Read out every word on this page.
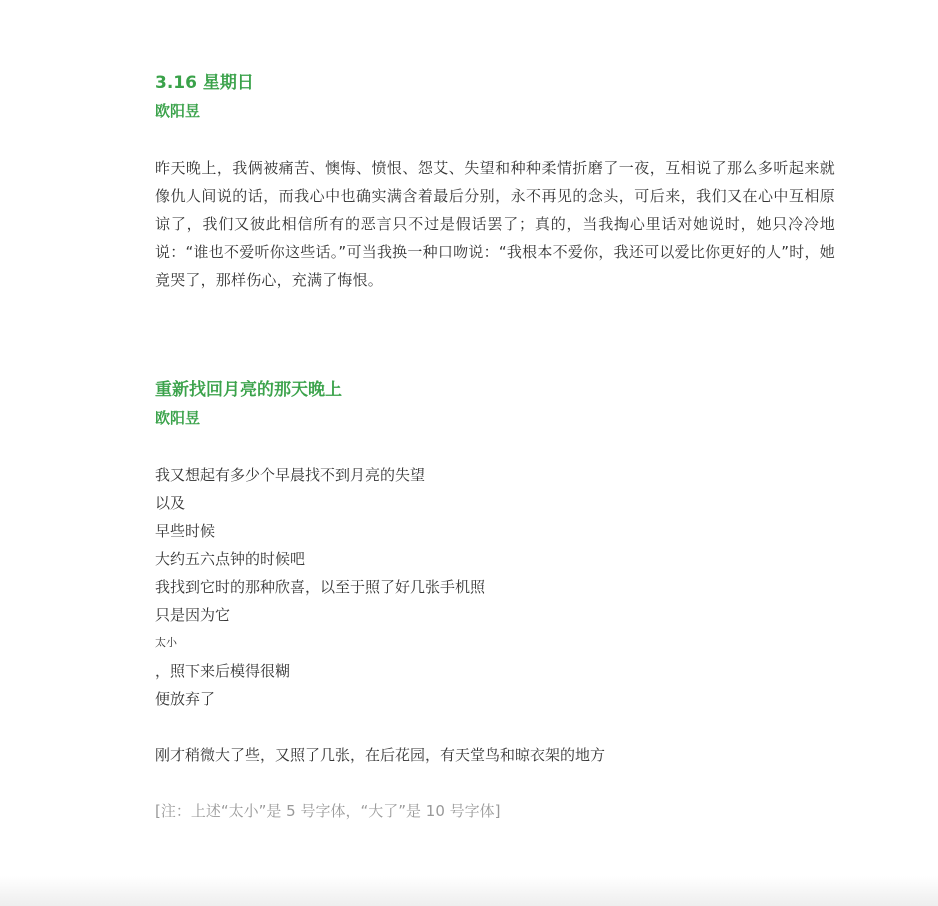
3.16 星期日
欧阳昱

昨天晚上，我俩被痛苦、懊悔、愤恨、怨艾、失望和种种柔情折磨了一夜，互相说了那么多听起来就像仇人间说的话，而我心中也确实满含着最后分别，永不再见的念头，可后来，我们又在心中互相原谅了，我们又彼此相信所有的恶言只不过是假话罢了；真的，当我掏心里话对她说时，她只冷冷地说：“谁也不爱听你这些话。”可当我换一种口吻说：“我根本不爱你，我还可以爱比你更好的人”时，她竟哭了，那样伤心，充满了悔恨。

重新找回月亮的那天晚上
欧阳昱
我又想起有多少个早晨找不到月亮的失望
以及
早些时候
大约五六点钟的时候吧
我找到它时的那种欣喜，以至于照了好几张手机照
只是因为它
太小
，照下来后模得很糊
便放弃了
刚才稍微大了些，又照了几张，在后花园，有天堂鸟和晾衣架的地方

[注：上述“太小”是 5 号字体，“大了”是 10 号字体]
